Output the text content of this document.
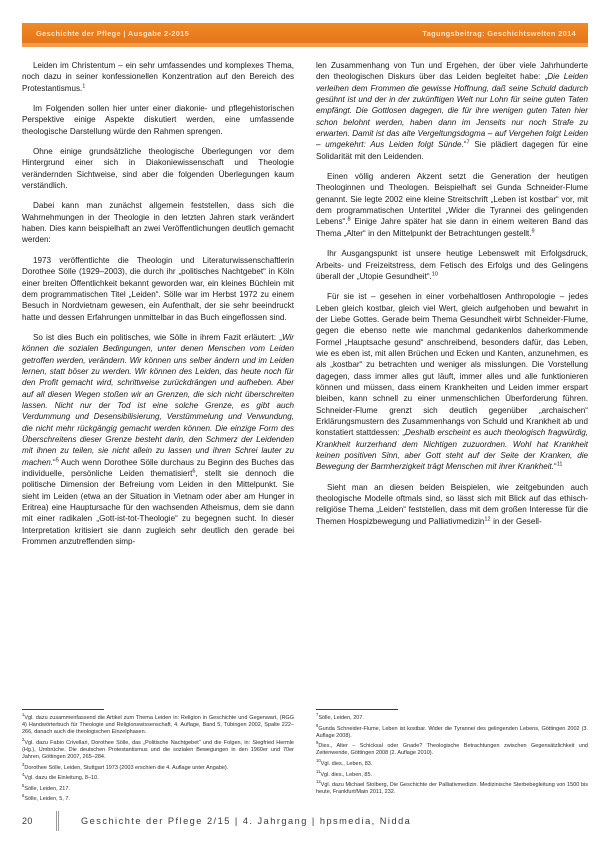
Geschichte der Pflege | Ausgabe 2-2015	Tagungsbeitrag: Geschichtswelten 2014

Leiden im Christentum – ein sehr umfassendes und komplexes Thema, noch dazu in seiner konfessionellen Konzentration auf den Bereich des Protestantismus.$^1$

Im Folgenden sollen hier unter einer diakonie- und pflegehistorischen Perspektive einige Aspekte diskutiert werden, eine umfassende theologische Darstellung würde den Rahmen sprengen.

Ohne einige grundsätzliche theologische Überlegungen vor dem Hintergrund einer sich in Diakoniewissenschaft und Theologie verändernden Sichtweise, sind aber die folgenden Überlegungen kaum verständlich.

Dabei kann man zunächst allgemein feststellen, dass sich die Wahrnehmungen in der Theologie in den letzten Jahren stark verändert haben. Dies kann beispielhaft an zwei Veröffentlichungen deutlich gemacht werden:

1973 veröffentlichte die Theologin und Literaturwissenschaftlerin Dorothee Sölle (1929–2003), die durch ihr „politisches Nachtgebet“ in Köln einer breiten Öffentlichkeit bekannt geworden war, ein kleines Büchlein mit dem programmatischen Titel „Leiden“. Sölle war im Herbst 1972 zu einem Besuch in Nordvietnam gewesen, ein Aufenthalt, der sie sehr beeindruckt hatte und dessen Erfahrungen unmittelbar in das Buch eingeflossen sind.

So ist dies Buch ein politisches, wie Sölle in ihrem Fazit erläutert: „Wir können die sozialen Bedingungen, unter denen Menschen vom Leiden getroffen werden, verändern. Wir können uns selber ändern und im Leiden lernen, statt böser zu werden. Wir können des Leiden, das heute noch für den Profit gemacht wird, schrittweise zurückdrängen und aufheben. Aber auf all diesen Wegen stoßen wir an Grenzen, die sich nicht überschreiten lassen. Nicht nur der Tod ist eine solche Grenze, es gibt auch Verdummung und Desensibilisierung, Verstümmelung und Verwundung, die nicht mehr rückgängig gemacht werden können. Die einzige Form des Überschreitens dieser Grenze besteht darin, den Schmerz der Leidenden mit ihnen zu teilen, sie nicht allein zu lassen und ihren Schrei lauter zu machen.“$^5$ Auch wenn Dorothee Sölle durchaus zu Beginn des Buches das individuelle, persönliche Leiden thematisiert$^6$, stellt sie dennoch die politische Dimension der Befreiung vom Leiden in den Mittelpunkt. Sie sieht im Leiden (etwa an der Situation in Vietnam oder aber am Hunger in Eritrea) eine Hauptursache für den wachsenden Atheismus, dem sie dann mit einer radikalen „Gott-ist-tot-Theologie“ zu begegnen sucht. In dieser Interpretation kritisiert sie dann zugleich sehr deutlich den gerade bei Frommen anzutreffenden simp-

$^1$Vgl. dazu zusammenfassend die Artikel zum Thema Leiden in: Religion in Geschichte und Gegenwart, (RGG 4) Handwörterbuch für Theologie und Religionswissenschaft, 4. Auflage, Band 5, Tübingen 2002, Spalte 222–266, danach auch die theologischen Einzelphasen.

$^2$Vgl. dazu Fabio Crivellari, Dorothee Sölle, das „Politische Nachtgebet“ und die Folgen, in: Siegfried Hermle (Hg.), Umbrüche. Die deutschen Protestantismus und die sozialen Bewegungen in den 1960er und 70er Jahren, Göttingen 2007, 265–284.

$^3$Dorothee Sölle, Leiden, Stuttgart 1973 (2003 erschien die 4. Auflage unter Angabe).

$^4$Vgl. dazu die Einleitung, 8–10.

$^5$Sölle, Leiden, 217.

$^6$Sölle, Leiden, 5, 7.

len Zusammenhang von Tun und Ergehen, der über viele Jahrhunderte den theologischen Diskurs über das Leiden begleitet habe: „Die Leiden verleihen dem Frommen die gewisse Hoffnung, daß seine Schuld dadurch gesühnt ist und der in der zukünftigen Welt nur Lohn für seine guten Taten empfängt. Die Gottlosen dagegen, die für ihre wenigen guten Taten hier schon belohnt werden, haben dann im Jenseits nur noch Strafe zu erwarten. Damit ist das alte Vergeltungsdogma – auf Vergehen folgt Leiden – umgekehrt: Aus Leiden folgt Sünde.“$^7$ Sie plädiert dagegen für eine Solidarität mit den Leidenden.

Einen völlig anderen Akzent setzt die Generation der heutigen Theologinnen und Theologen. Beispielhaft sei Gunda Schneider-Flume genannt. Sie legte 2002 eine kleine Streitschrift „Leben ist kostbar“ vor, mit dem programmatischen Untertitel „Wider die Tyrannei des gelingenden Lebens“.$^8$ Einige Jahre später hat sie dann in einem weiteren Band das Thema „Alter“ in den Mittelpunkt der Betrachtungen gestellt.$^9$

Ihr Ausgangspunkt ist unsere heutige Lebenswelt mit Erfolgsdruck, Arbeits- und Freizeitstress, dem Fetisch des Erfolgs und des Gelingens überall der „Utopie Gesundheit“.$^{10}$

Für sie ist – gesehen in einer vorbehaltlosen Anthropologie – jedes Leben gleich kostbar, gleich viel Wert, gleich aufgehoben und bewahrt in der Liebe Gottes. Gerade beim Thema Gesundheit wirbt Schneider-Flume, gegen die ebenso nette wie manchmal gedankenlos daherkommende Formel „Hauptsache gesund“ anschreibend, besonders dafür, das Leben, wie es eben ist, mit allen Brüchen und Ecken und Kanten, anzunehmen, es als „kostbar“ zu betrachten und weniger als misslungen. Die Vorstellung dagegen, dass immer alles gut läuft, immer alles und alle funktionieren können und müssen, dass einem Krankheiten und Leiden immer erspart bleiben, kann schnell zu einer unmenschlichen Überforderung führen. Schneider-Flume grenzt sich deutlich gegenüber „archaischen“ Erklärungsmustern des Zusammenhangs von Schuld und Krankheit ab und konstatiert stattdessen: „Deshalb erscheint es auch theologisch fragwürdig, Krankheit kurzerhand dem Nichtigen zuzuordnen. Wohl hat Krankheit keinen positiven Sinn, aber Gott steht auf der Seite der Kranken, die Bewegung der Barmherzigkeit trägt Menschen mit ihrer Krankheit.“$^{11}$

Sieht man an diesen beiden Beispielen, wie zeitgebunden auch theologische Modelle oftmals sind, so lässt sich mit Blick auf das ethisch-religiöse Thema „Leiden“ feststellen, dass mit dem großen Interesse für die Themen Hospizbewegung und Palliativmedizin$^{12}$ in der Gesell-

$^7$Sölle, Leiden, 207.

$^8$Gunda Schneider-Flume, Leben ist kostbar. Wider die Tyrannei des gelingenden Lebens, Göttingen 2002 (3. Auflage 2008).

$^9$Dies., Alter – Schicksal oder Gnade? Theologische Betrachtungen zwischen Gegensätzlichkeit und Zeitenwende, Göttingen 2008 (2. Auflage 2010).

$^{10}$Vgl. dies., Leben, 83.

$^{11}$Vgl. dies., Leben, 85.

$^{12}$Vgl. dazu Michael Stolberg, Die Geschichte der Palliativmedizin. Medizinische Sterbebegleitung von 1500 bis heute, Frankfurt/Main 2011, 232.

20	Geschichte der Pflege 2/15 | 4. Jahrgang | hpsmedia, Nidda
